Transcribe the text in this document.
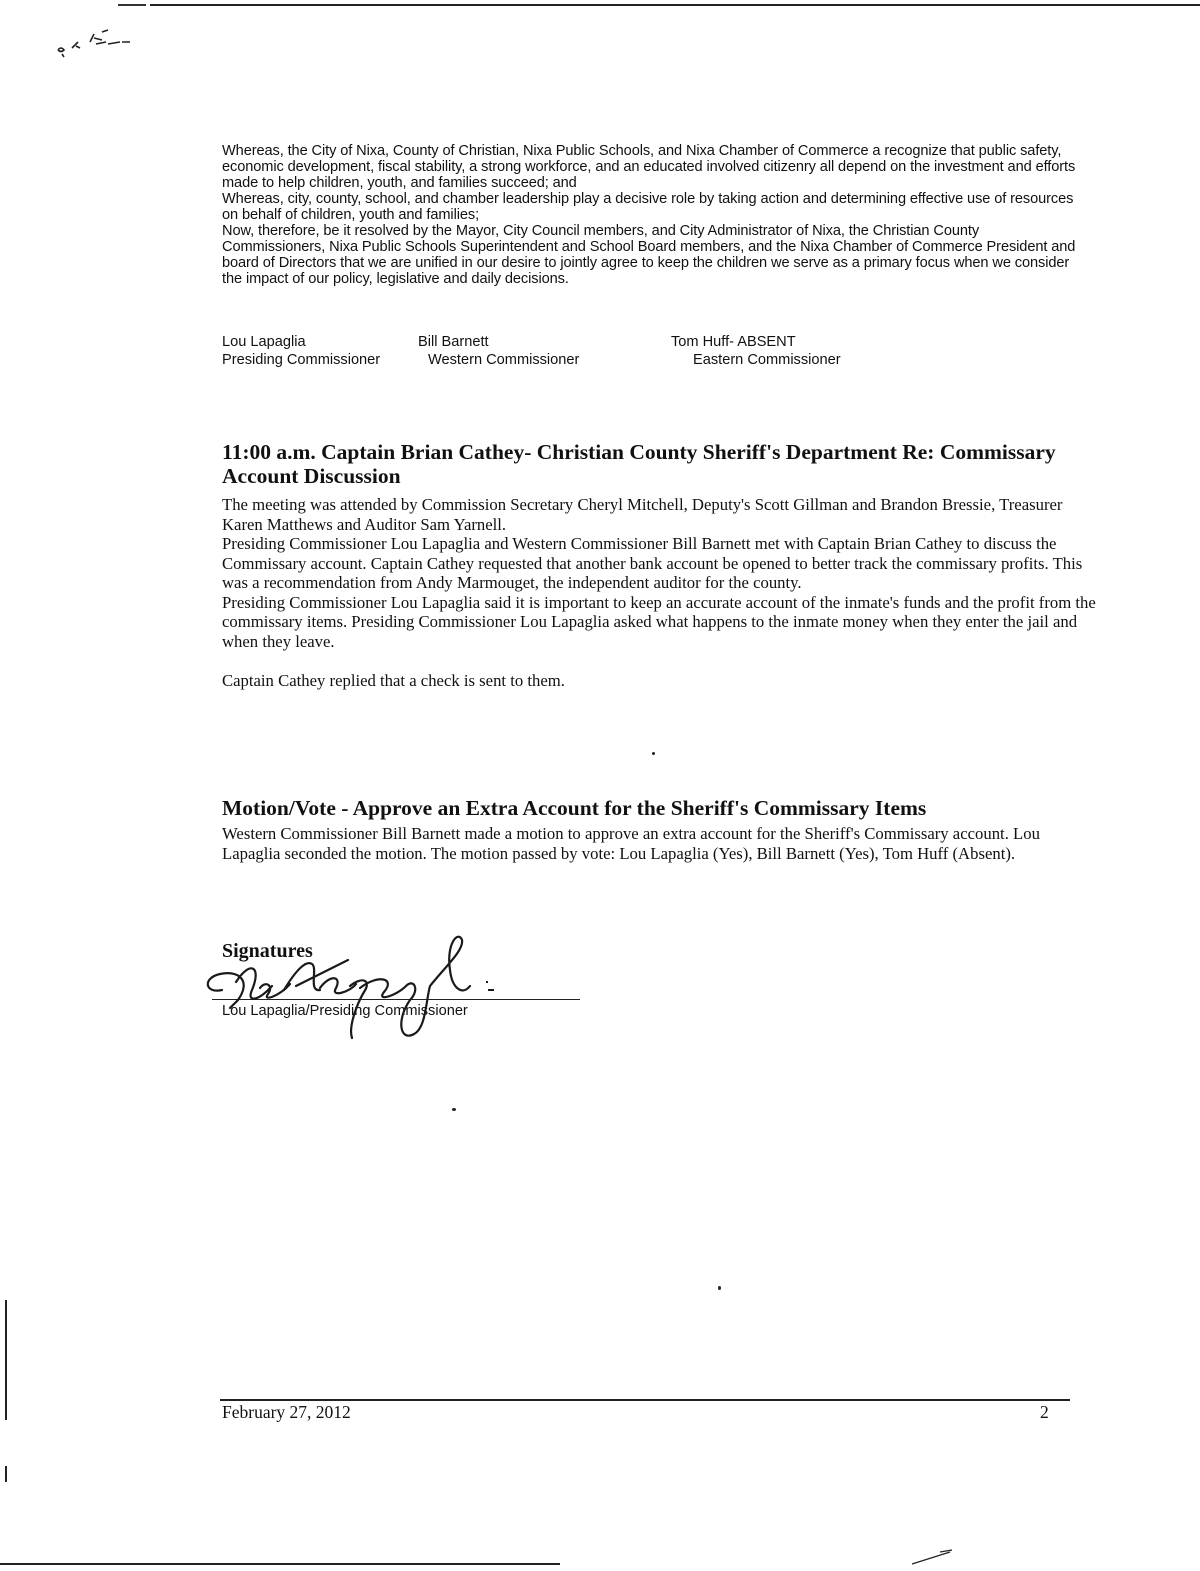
Whereas, the City of Nixa, County of Christian, Nixa Public Schools, and Nixa Chamber of Commerce a recognize that public safety, economic development, fiscal stability, a strong workforce, and an educated involved citizenry all depend on the investment and efforts made to help children, youth, and families succeed; and

Whereas, city, county, school, and chamber leadership play a decisive role by taking action and determining effective use of resources on behalf of children, youth and families;

Now, therefore, be it resolved by the Mayor, City Council members, and City Administrator of Nixa, the Christian County Commissioners, Nixa Public Schools Superintendent and School Board members, and the Nixa Chamber of Commerce President and board of Directors that we are unified in our desire to jointly agree to keep the children we serve as a primary focus when we consider the impact of our policy, legislative and daily decisions.

Lou Lapaglia
Presiding Commissioner
Bill Barnett
Western Commissioner
Tom Huff- ABSENT
Eastern Commissioner
11:00 a.m. Captain Brian Cathey- Christian County Sheriff's Department Re: Commissary Account Discussion

The meeting was attended by Commission Secretary Cheryl Mitchell, Deputy's Scott Gillman and Brandon Bressie, Treasurer Karen Matthews and Auditor Sam Yarnell.

Presiding Commissioner Lou Lapaglia and Western Commissioner Bill Barnett met with Captain Brian Cathey to discuss the Commissary account. Captain Cathey requested that another bank account be opened to better track the commissary profits. This was a recommendation from Andy Marmouget, the independent auditor for the county.

Presiding Commissioner Lou Lapaglia said it is important to keep an accurate account of the inmate's funds and the profit from the commissary items. Presiding Commissioner Lou Lapaglia asked what happens to the inmate money when they enter the jail and when they leave.

Captain Cathey replied that a check is sent to them.

Motion/Vote - Approve an Extra Account for the Sheriff's Commissary Items
Western Commissioner Bill Barnett made a motion to approve an extra account for the Sheriff's Commissary account. Lou Lapaglia seconded the motion. The motion passed by vote: Lou Lapaglia (Yes), Bill Barnett (Yes), Tom Huff (Absent).
Signatures
Lou Lapaglia/Presiding Commissioner
February 27, 2012	2
